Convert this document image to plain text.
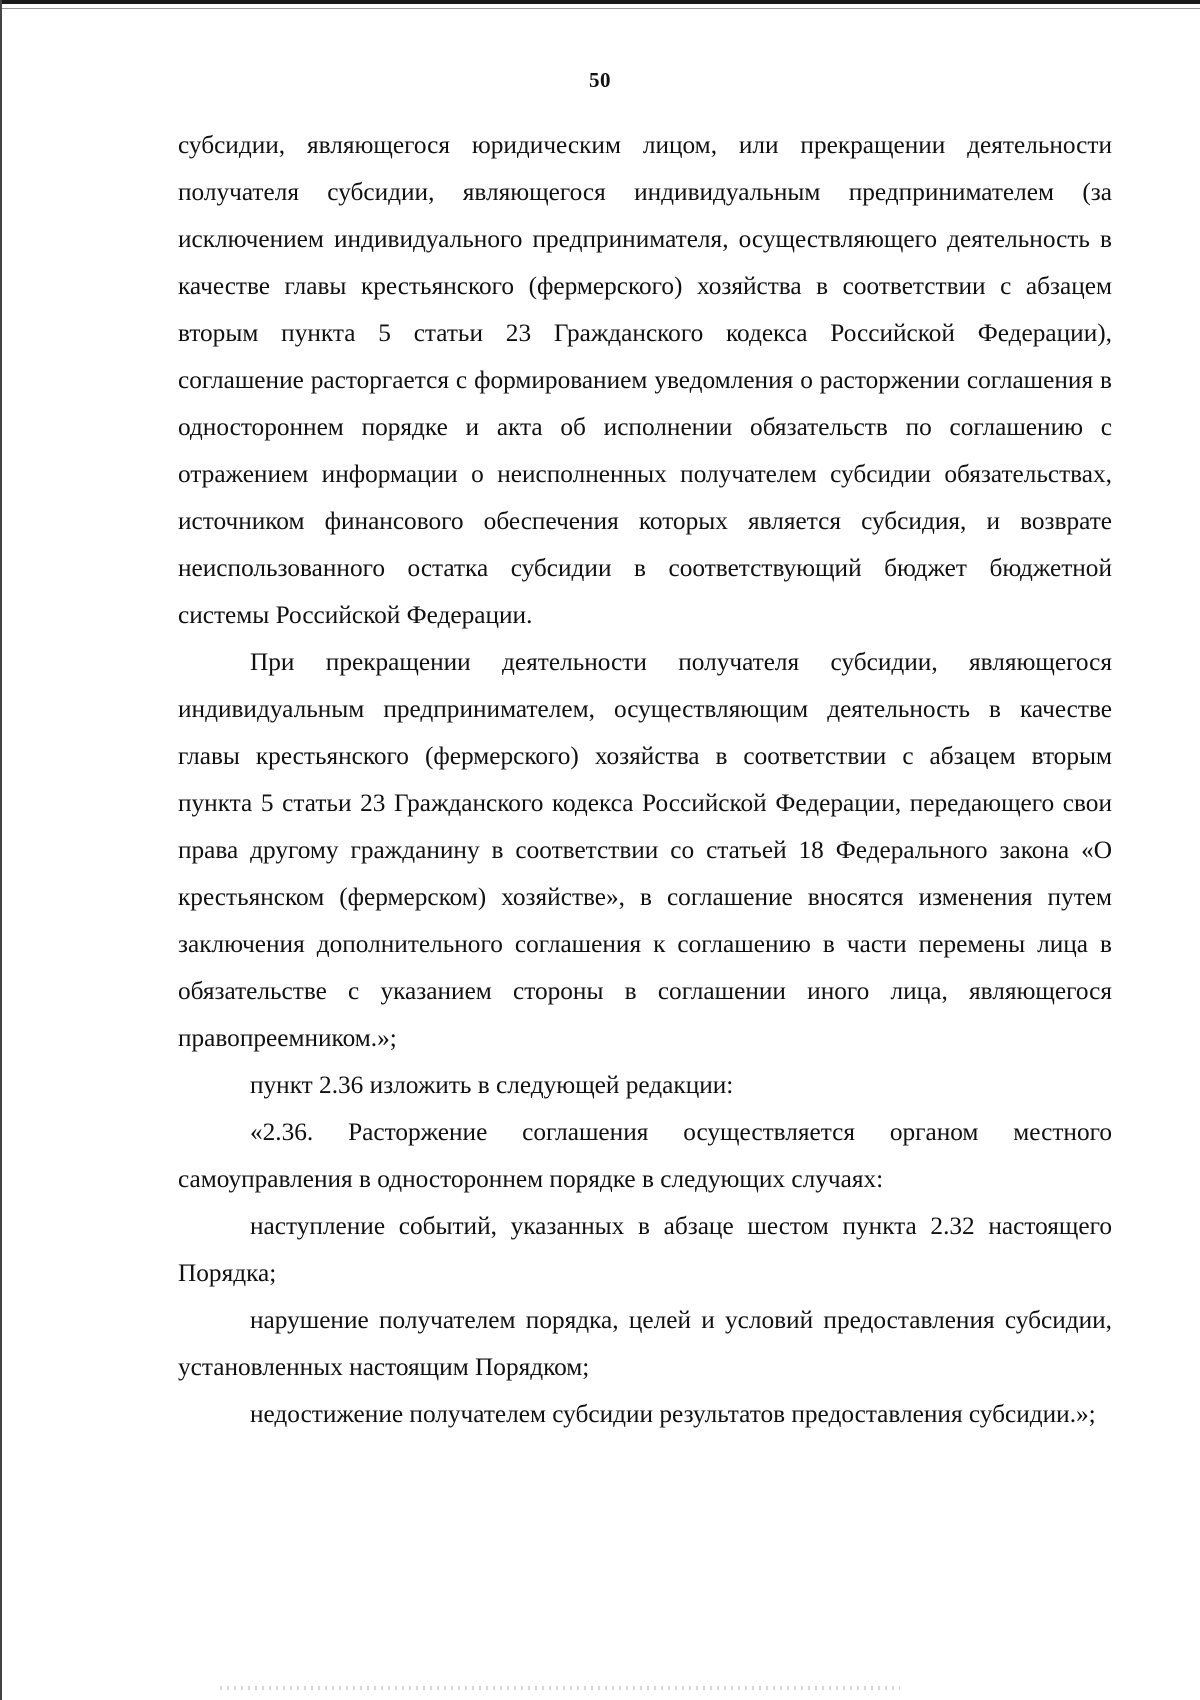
50

субсидии, являющегося юридическим лицом, или прекращении деятельности получателя субсидии, являющегося индивидуальным предпринимателем (за исключением индивидуального предпринимателя, осуществляющего деятельность в качестве главы крестьянского (фермерского) хозяйства в соответствии с абзацем вторым пункта 5 статьи 23 Гражданского кодекса Российской Федерации), соглашение расторгается с формированием уведомления о расторжении соглашения в одностороннем порядке и акта об исполнении обязательств по соглашению с отражением информации о неисполненных получателем субсидии обязательствах, источником финансового обеспечения которых является субсидия, и возврате неиспользованного остатка субсидии в соответствующий бюджет бюджетной системы Российской Федерации.

При прекращении деятельности получателя субсидии, являющегося индивидуальным предпринимателем, осуществляющим деятельность в качестве главы крестьянского (фермерского) хозяйства в соответствии с абзацем вторым пункта 5 статьи 23 Гражданского кодекса Российской Федерации, передающего свои права другому гражданину в соответствии со статьей 18 Федерального закона «О крестьянском (фермерском) хозяйстве», в соглашение вносятся изменения путем заключения дополнительного соглашения к соглашению в части перемены лица в обязательстве с указанием стороны в соглашении иного лица, являющегося правопреемником.»;

пункт 2.36 изложить в следующей редакции:

«2.36. Расторжение соглашения осуществляется органом местного самоуправления в одностороннем порядке в следующих случаях:

наступление событий, указанных в абзаце шестом пункта 2.32 настоящего Порядка;

нарушение получателем порядка, целей и условий предоставления субсидии, установленных настоящим Порядком;

недостижение получателем субсидии результатов предоставления субсидии.»;
